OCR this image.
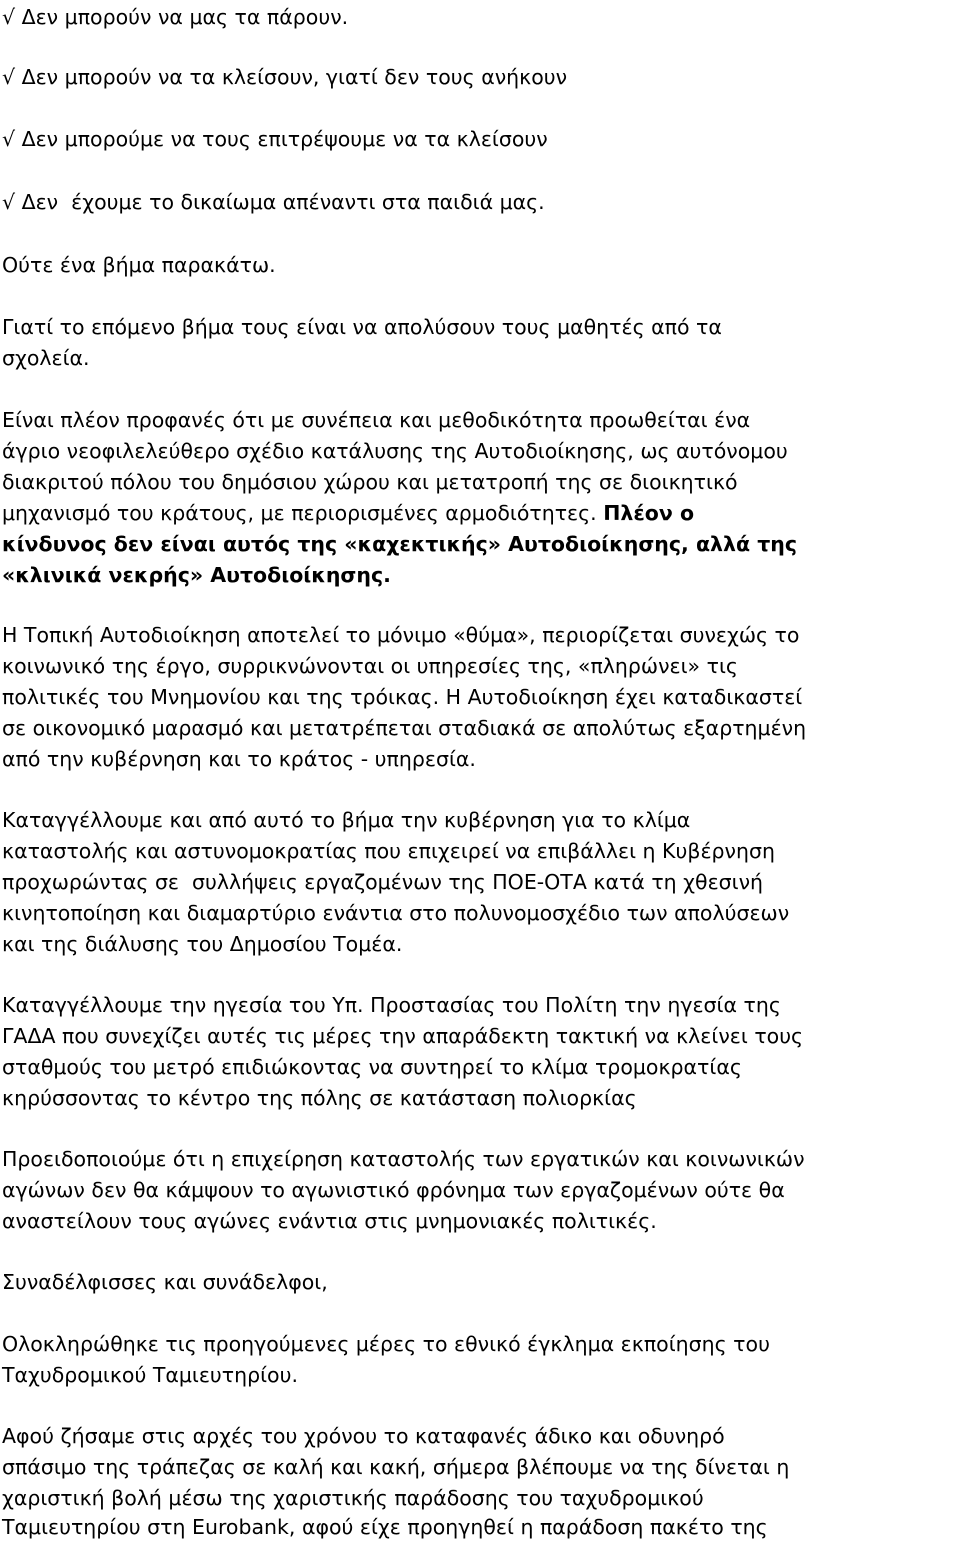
√ Δεν μπορούν να μας τα πάρουν.
√ Δεν μπορούν να τα κλείσουν, γιατί δεν τους ανήκουν
√ Δεν μπορούμε να τους επιτρέψουμε να τα κλείσουν
√ Δεν  έχουμε το δικαίωμα απέναντι στα παιδιά μας.
Ούτε ένα βήμα παρακάτω.
Γιατί το επόμενο βήμα τους είναι να απολύσουν τους μαθητές από τα
σχολεία.
Είναι πλέον προφανές ότι με συνέπεια και μεθοδικότητα προωθείται ένα
άγριο νεοφιλελεύθερο σχέδιο κατάλυσης της Αυτοδιοίκησης, ως αυτόνομου
διακριτού πόλου του δημόσιου χώρου και μετατροπή της σε διοικητικό
μηχανισμό του κράτους, με περιορισμένες αρμοδιότητες. Πλέον ο
κίνδυνος δεν είναι αυτός της «καχεκτικής» Αυτοδιοίκησης, αλλά της
«κλινικά νεκρής» Αυτοδιοίκησης.
Η Τοπική Αυτοδιοίκηση αποτελεί το μόνιμο «θύμα», περιορίζεται συνεχώς το
κοινωνικό της έργο, συρρικνώνονται οι υπηρεσίες της, «πληρώνει» τις
πολιτικές του Μνημονίου και της τρόικας. Η Αυτοδιοίκηση έχει καταδικαστεί
σε οικονομικό μαρασμό και μετατρέπεται σταδιακά σε απολύτως εξαρτημένη
από την κυβέρνηση και το κράτος - υπηρεσία.
Καταγγέλλουμε και από αυτό το βήμα την κυβέρνηση για το κλίμα
καταστολής και αστυνομοκρατίας που επιχειρεί να επιβάλλει η Κυβέρνηση
προχωρώντας σε  συλλήψεις εργαζομένων της ΠΟΕ-ΟΤΑ κατά τη χθεσινή
κινητοποίηση και διαμαρτύριο ενάντια στο πολυνομοσχέδιο των απολύσεων
και της διάλυσης του Δημοσίου Τομέα.
Καταγγέλλουμε την ηγεσία του Υπ. Προστασίας του Πολίτη την ηγεσία της
ΓΑΔΑ που συνεχίζει αυτές τις μέρες την απαράδεκτη τακτική να κλείνει τους
σταθμούς του μετρό επιδιώκοντας να συντηρεί το κλίμα τρομοκρατίας
κηρύσσοντας το κέντρο της πόλης σε κατάσταση πολιορκίας
Προειδοποιούμε ότι η επιχείρηση καταστολής των εργατικών και κοινωνικών
αγώνων δεν θα κάμψουν το αγωνιστικό φρόνημα των εργαζομένων ούτε θα
αναστείλουν τους αγώνες ενάντια στις μνημονιακές πολιτικές.
Συναδέλφισσες και συνάδελφοι,
Ολοκληρώθηκε τις προηγούμενες μέρες το εθνικό έγκλημα εκποίησης του
Ταχυδρομικού Ταμιευτηρίου.
Αφού ζήσαμε στις αρχές του χρόνου το καταφανές άδικο και οδυνηρό
σπάσιμο της τράπεζας σε καλή και κακή, σήμερα βλέπουμε να της δίνεται η
χαριστική βολή μέσω της χαριστικής παράδοσης του ταχυδρομικού
Ταμιευτηρίου στη Eurobank, αφού είχε προηγηθεί η παράδοση πακέτο της
